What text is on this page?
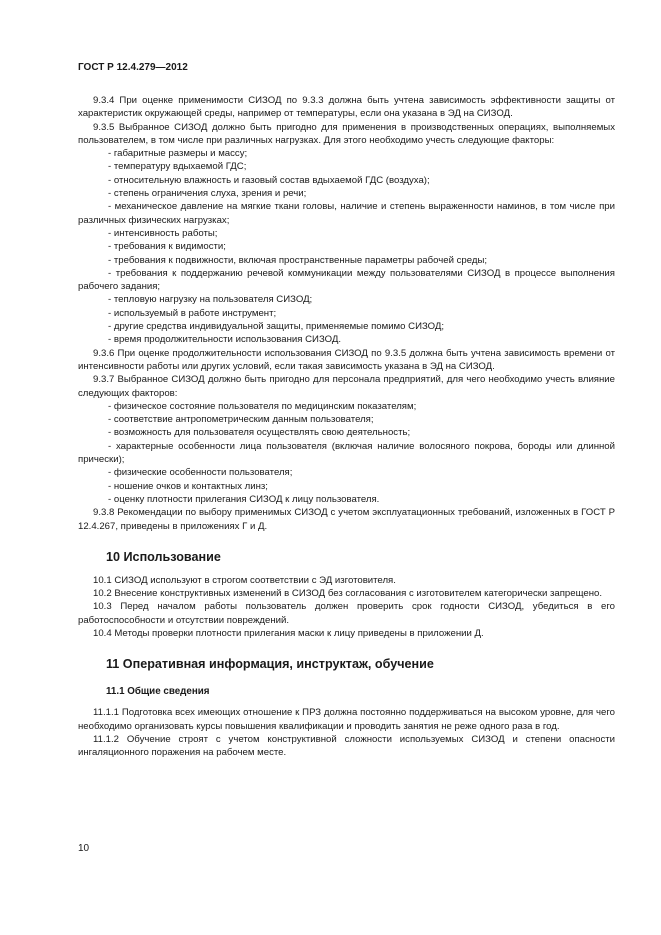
ГОСТ Р 12.4.279—2012
9.3.4 При оценке применимости СИЗОД по 9.3.3 должна быть учтена зависимость эффективности защиты от характеристик окружающей среды, например от температуры, если она указана в ЭД на СИЗОД.
9.3.5 Выбранное СИЗОД должно быть пригодно для применения в производственных операциях, выполняемых пользователем, в том числе при различных нагрузках. Для этого необходимо учесть следующие факторы:
- габаритные размеры и массу;
- температуру вдыхаемой ГДС;
- относительную влажность и газовый состав вдыхаемой ГДС (воздуха);
- степень ограничения слуха, зрения и речи;
- механическое давление на мягкие ткани головы, наличие и степень выраженности наминов, в том числе при различных физических нагрузках;
- интенсивность работы;
- требования к видимости;
- требования к подвижности, включая пространственные параметры рабочей среды;
- требования к поддержанию речевой коммуникации между пользователями СИЗОД в процессе выполнения рабочего задания;
- тепловую нагрузку на пользователя СИЗОД;
- используемый в работе инструмент;
- другие средства индивидуальной защиты, применяемые помимо СИЗОД;
- время продолжительности использования СИЗОД.
9.3.6 При оценке продолжительности использования СИЗОД по 9.3.5 должна быть учтена зависимость времени от интенсивности работы или других условий, если такая зависимость указана в ЭД на СИЗОД.
9.3.7 Выбранное СИЗОД должно быть пригодно для персонала предприятий, для чего необходимо учесть влияние следующих факторов:
- физическое состояние пользователя по медицинским показателям;
- соответствие антропометрическим данным пользователя;
- возможность для пользователя осуществлять свою деятельность;
- характерные особенности лица пользователя (включая наличие волосяного покрова, бороды или длинной прически);
- физические особенности пользователя;
- ношение очков и контактных линз;
- оценку плотности прилегания СИЗОД к лицу пользователя.
9.3.8 Рекомендации по выбору применимых СИЗОД с учетом эксплуатационных требований, изложенных в ГОСТ Р 12.4.267, приведены в приложениях Г и Д.
10 Использование
10.1 СИЗОД используют в строгом соответствии с ЭД изготовителя.
10.2 Внесение конструктивных изменений в СИЗОД без согласования с изготовителем категорически запрещено.
10.3 Перед началом работы пользователь должен проверить срок годности СИЗОД, убедиться в его работоспособности и отсутствии повреждений.
10.4 Методы проверки плотности прилегания маски к лицу приведены в приложении Д.
11 Оперативная информация, инструктаж, обучение
11.1 Общие сведения
11.1.1 Подготовка всех имеющих отношение к ПРЗ должна постоянно поддерживаться на высоком уровне, для чего необходимо организовать курсы повышения квалификации и проводить занятия не реже одного раза в год.
11.1.2 Обучение строят с учетом конструктивной сложности используемых СИЗОД и степени опасности ингаляционного поражения на рабочем месте.
10
